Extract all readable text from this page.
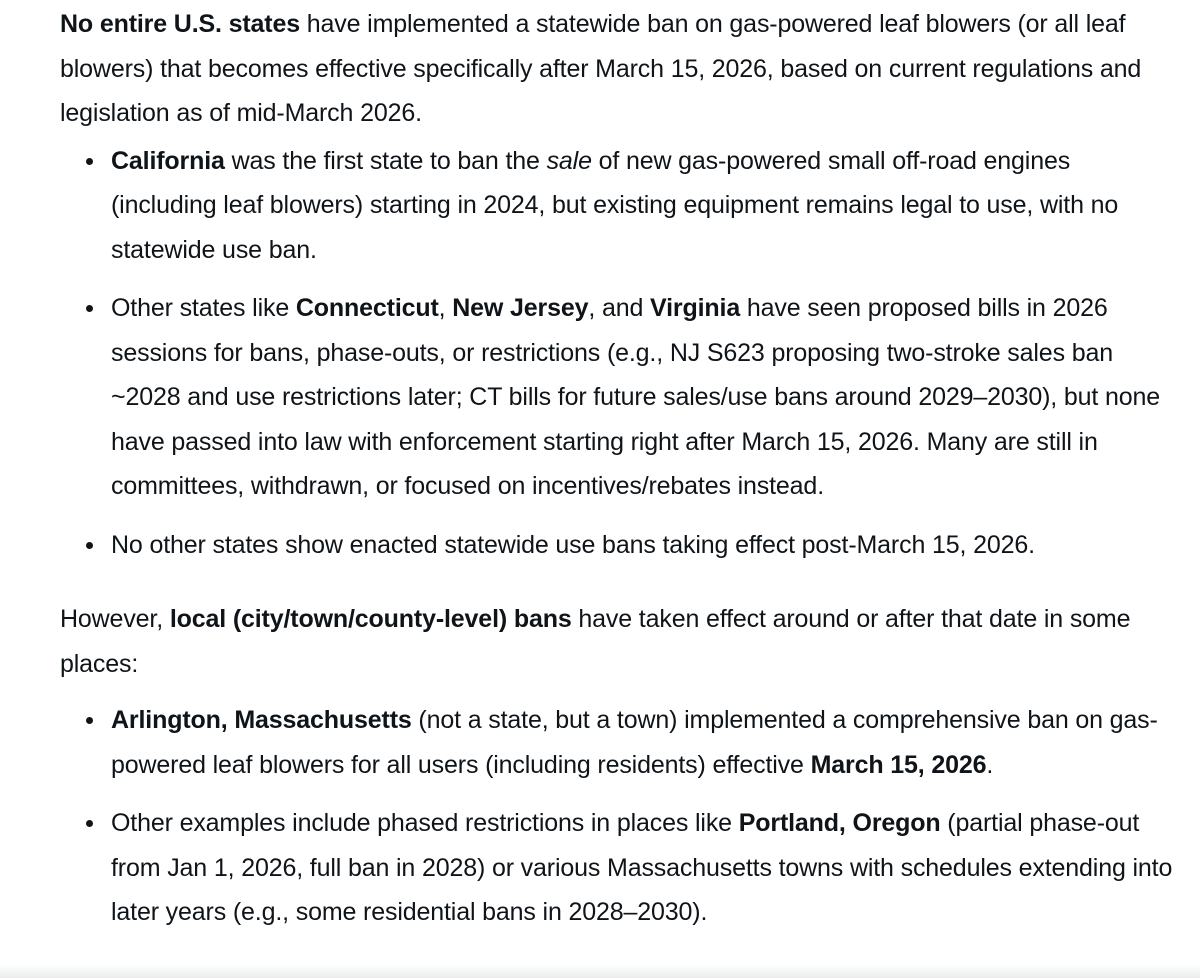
No entire U.S. states have implemented a statewide ban on gas-powered leaf blowers (or all leaf blowers) that becomes effective specifically after March 15, 2026, based on current regulations and legislation as of mid-March 2026.

California was the first state to ban the sale of new gas-powered small off-road engines (including leaf blowers) starting in 2024, but existing equipment remains legal to use, with no statewide use ban.
Other states like Connecticut, New Jersey, and Virginia have seen proposed bills in 2026 sessions for bans, phase-outs, or restrictions (e.g., NJ S623 proposing two-stroke sales ban ~2028 and use restrictions later; CT bills for future sales/use bans around 2029–2030), but none have passed into law with enforcement starting right after March 15, 2026. Many are still in committees, withdrawn, or focused on incentives/rebates instead.
No other states show enacted statewide use bans taking effect post-March 15, 2026.

However, local (city/town/county-level) bans have taken effect around or after that date in some places:

Arlington, Massachusetts (not a state, but a town) implemented a comprehensive ban on gas-powered leaf blowers for all users (including residents) effective March 15, 2026.
Other examples include phased restrictions in places like Portland, Oregon (partial phase-out from Jan 1, 2026, full ban in 2028) or various Massachusetts towns with schedules extending into later years (e.g., some residential bans in 2028–2030).
